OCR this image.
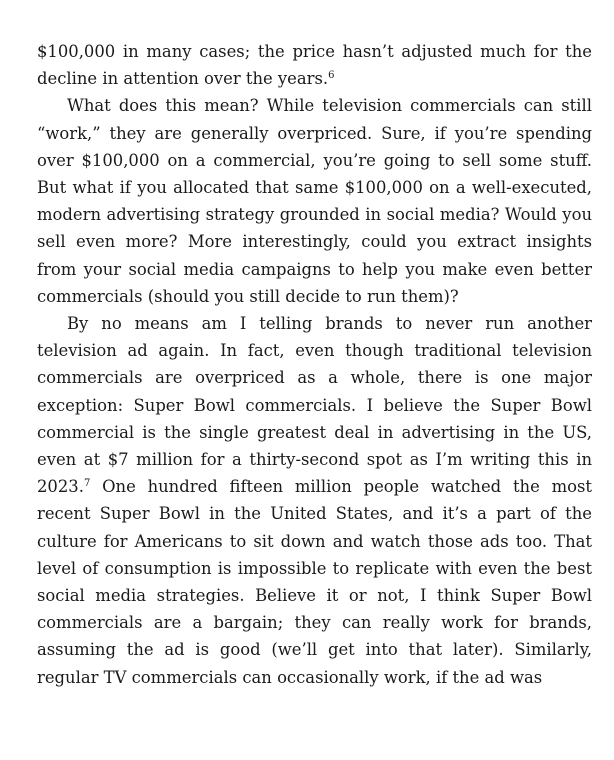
$100,000 in many cases; the price hasn’t adjusted much for the decline in attention over the years.$^6$

What does this mean? While television commercials can still “work,” they are generally overpriced. Sure, if you’re spending over $100,000 on a commercial, you’re going to sell some stuff. But what if you allocated that same $100,000 on a well-executed, modern advertising strategy grounded in social media? Would you sell even more? More interestingly, could you extract insights from your social media campaigns to help you make even better commercials (should you still decide to run them)?

By no means am I telling brands to never run another television ad again. In fact, even though traditional television commercials are overpriced as a whole, there is one major exception: Super Bowl commercials. I believe the Super Bowl commercial is the single greatest deal in advertising in the US, even at $7 million for a thirty-second spot as I’m writing this in 2023.$^7$ One hundred fifteen million people watched the most recent Super Bowl in the United States, and it’s a part of the culture for Americans to sit down and watch those ads too. That level of consumption is impossible to replicate with even the best social media strategies. Believe it or not, I think Super Bowl commercials are a bargain; they can really work for brands, assuming the ad is good (we’ll get into that later). Similarly, regular TV commercials can occasionally work, if the ad was
